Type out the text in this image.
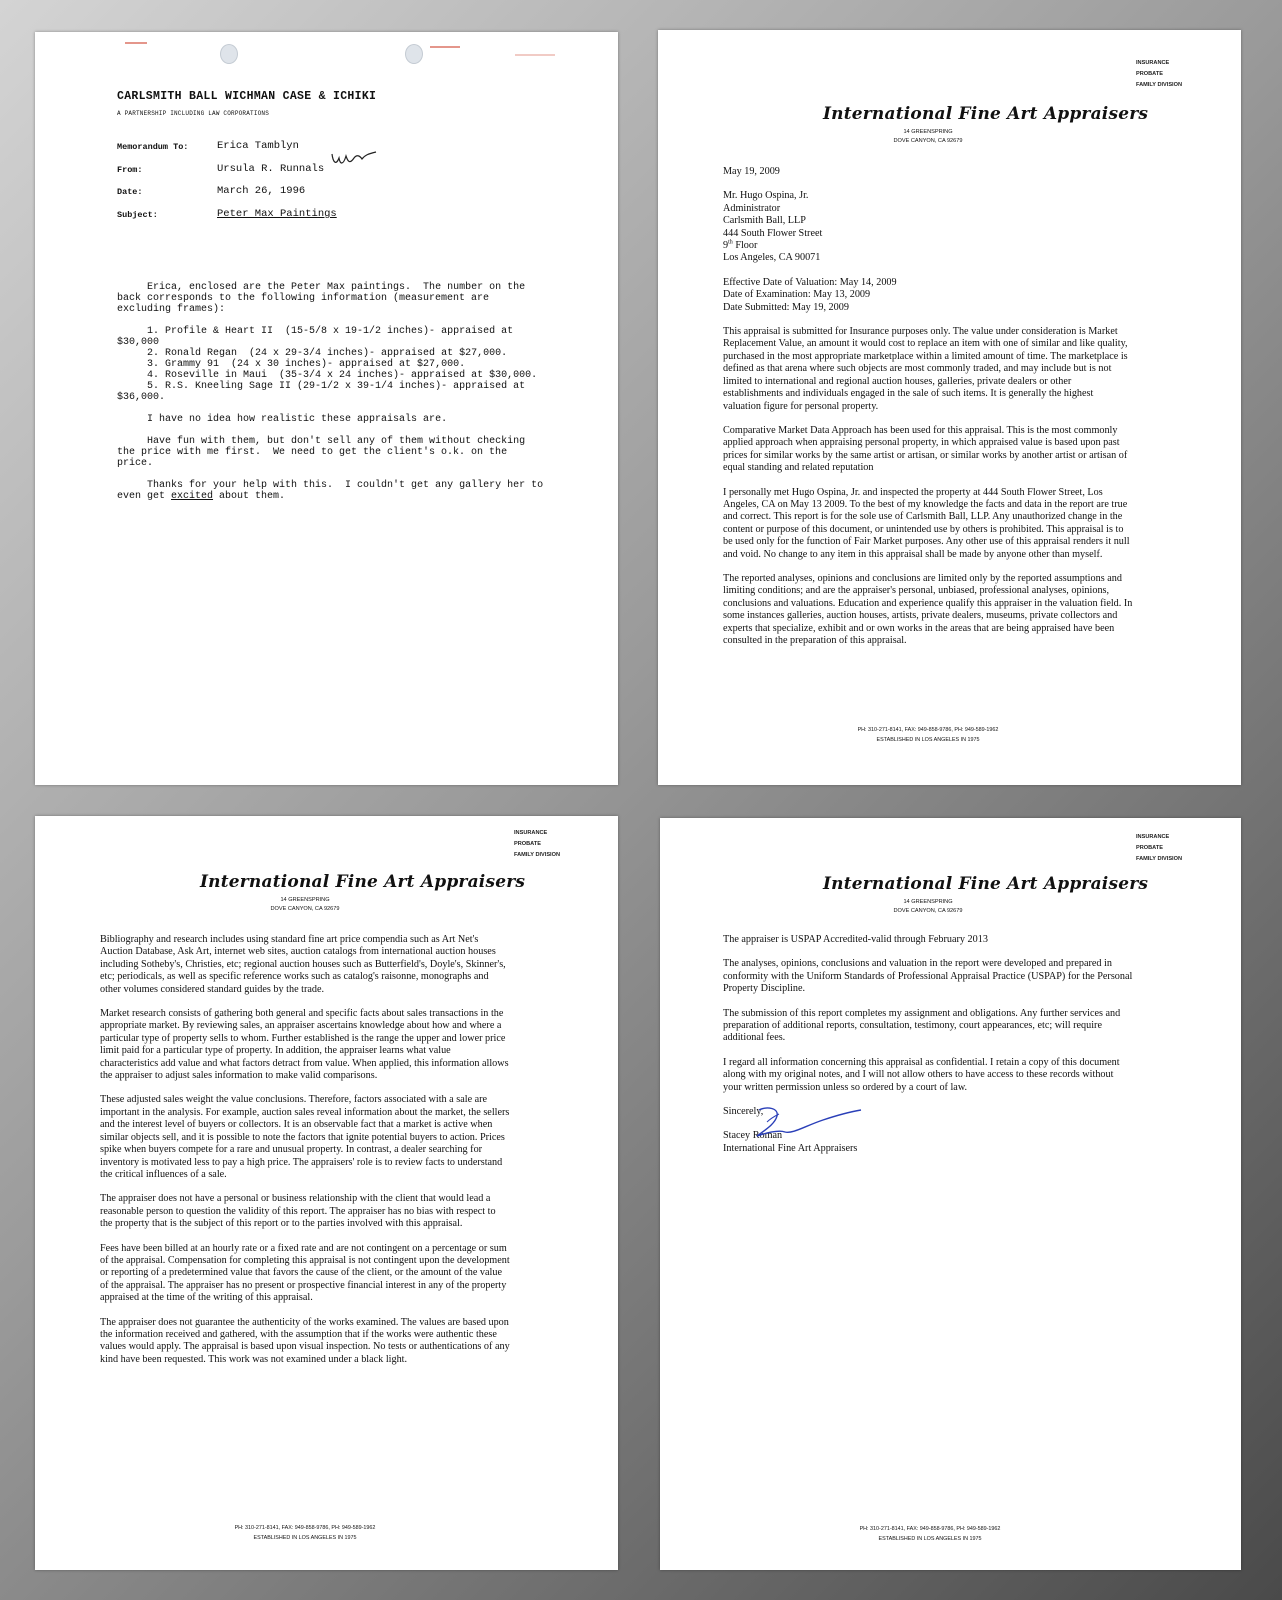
CARLSMITH BALL WICHMAN CASE & ICHIKI
A PARTNERSHIP INCLUDING LAW CORPORATIONS
Memorandum To:	Erica Tamblyn
From:	Ursula R. Runnals
Date:	March 26, 1996
Subject:	Peter Max Paintings

Erica, enclosed are the Peter Max paintings.  The number on the back corresponds to the following information (measurement are excluding frames):

1. Profile & Heart II  (15-5/8 x 19-1/2 inches)- appraised at $30,000
2. Ronald Regan  (24 x 29-3/4 inches)- appraised at $27,000.
3. Grammy 91  (24 x 30 inches)- appraised at $27,000.
4. Roseville in Maui  (35-3/4 x 24 inches)- appraised at $30,000.
5. R.S. Kneeling Sage II (29-1/2 x 39-1/4 inches)- appraised at $36,000.

I have no idea how realistic these appraisals are.

Have fun with them, but don't sell any of them without checking the price with me first.  We need to get the client's o.k. on the price.

Thanks for your help with this.  I couldn't get any gallery her to even get excited about them.

INSURANCE
PROBATE
FAMILY DIVISION
International Fine Art Appraisers
14 GREENSPRING
DOVE CANYON, CA 92679

May 19, 2009

Mr. Hugo Ospina, Jr.
Administrator
Carlsmith Ball, LLP
444 South Flower Street
9th Floor
Los Angeles, CA 90071
Effective Date of Valuation: May 14, 2009
Date of Examination: May 13, 2009
Date Submitted: May 19, 2009

This appraisal is submitted for Insurance purposes only. The value under consideration is Market Replacement Value, an amount it would cost to replace an item with one of similar and like quality, purchased in the most appropriate marketplace within a limited amount of time. The marketplace is defined as that arena where such objects are most commonly traded, and may include but is not limited to international and regional auction houses, galleries, private dealers or other establishments and individuals engaged in the sale of such items. It is generally the highest valuation figure for personal property.

Comparative Market Data Approach has been used for this appraisal. This is the most commonly applied approach when appraising personal property, in which appraised value is based upon past prices for similar works by the same artist or artisan, or similar works by another artist or artisan of equal standing and related reputation

I personally met Hugo Ospina, Jr. and inspected the property at 444 South Flower Street, Los Angeles, CA on May 13 2009. To the best of my knowledge the facts and data in the report are true and correct. This report is for the sole use of Carlsmith Ball, LLP. Any unauthorized change in the content or purpose of this document, or unintended use by others is prohibited. This appraisal is to be used only for the function of Fair Market purposes. Any other use of this appraisal renders it null and void. No change to any item in this appraisal shall be made by anyone other than myself.

The reported analyses, opinions and conclusions are limited only by the reported assumptions and limiting conditions; and are the appraiser's personal, unbiased, professional analyses, opinions, conclusions and valuations. Education and experience qualify this appraiser in the valuation field. In some instances galleries, auction houses, artists, private dealers, museums, private collectors and experts that specialize, exhibit and or own works in the areas that are being appraised have been consulted in the preparation of this appraisal.

PH: 310-271-8141, FAX: 949-858-9786, PH: 949-589-1962
ESTABLISHED IN LOS ANGELES IN 1975
INSURANCE
PROBATE
FAMILY DIVISION
International Fine Art Appraisers
14 GREENSPRING
DOVE CANYON, CA 92679

Bibliography and research includes using standard fine art price compendia such as Art Net's Auction Database, Ask Art, internet web sites, auction catalogs from international auction houses including Sotheby's, Christies, etc; regional auction houses such as Butterfield's, Doyle's, Skinner's, etc; periodicals, as well as specific reference works such as catalog's raisonne, monographs and other volumes considered standard guides by the trade.

Market research consists of gathering both general and specific facts about sales transactions in the appropriate market. By reviewing sales, an appraiser ascertains knowledge about how and where a particular type of property sells to whom. Further established is the range the upper and lower price limit paid for a particular type of property. In addition, the appraiser learns what value characteristics add value and what factors detract from value. When applied, this information allows the appraiser to adjust sales information to make valid comparisons.

These adjusted sales weight the value conclusions. Therefore, factors associated with a sale are important in the analysis. For example, auction sales reveal information about the market, the sellers and the interest level of buyers or collectors. It is an observable fact that a market is active when similar objects sell, and it is possible to note the factors that ignite potential buyers to action. Prices spike when buyers compete for a rare and unusual property. In contrast, a dealer searching for inventory is motivated less to pay a high price. The appraisers' role is to review facts to understand the critical influences of a sale.

The appraiser does not have a personal or business relationship with the client that would lead a reasonable person to question the validity of this report. The appraiser has no bias with respect to the property that is the subject of this report or to the parties involved with this appraisal.

Fees have been billed at an hourly rate or a fixed rate and are not contingent on a percentage or sum of the appraisal. Compensation for completing this appraisal is not contingent upon the development or reporting of a predetermined value that favors the cause of the client, or the amount of the value of the appraisal. The appraiser has no present or prospective financial interest in any of the property appraised at the time of the writing of this appraisal.

The appraiser does not guarantee the authenticity of the works examined. The values are based upon the information received and gathered, with the assumption that if the works were authentic these values would apply. The appraisal is based upon visual inspection. No tests or authentications of any kind have been requested. This work was not examined under a black light.

PH: 310-271-8141, FAX: 949-858-9786, PH: 949-589-1962
ESTABLISHED IN LOS ANGELES IN 1975
INSURANCE
PROBATE
FAMILY DIVISION
International Fine Art Appraisers
14 GREENSPRING
DOVE CANYON, CA 92679

The appraiser is USPAP Accredited-valid through February 2013

The analyses, opinions, conclusions and valuation in the report were developed and prepared in conformity with the Uniform Standards of Professional Appraisal Practice (USPAP) for the Personal Property Discipline.

The submission of this report completes my assignment and obligations. Any further services and preparation of additional reports, consultation, testimony, court appearances, etc; will require additional fees.

I regard all information concerning this appraisal as confidential. I retain a copy of this document along with my original notes, and I will not allow others to have access to these records without your written permission unless so ordered by a court of law.

Sincerely,
Stacey Roman
International Fine Art Appraisers
PH: 310-271-8141, FAX: 949-858-9786, PH: 949-589-1962
ESTABLISHED IN LOS ANGELES IN 1975
